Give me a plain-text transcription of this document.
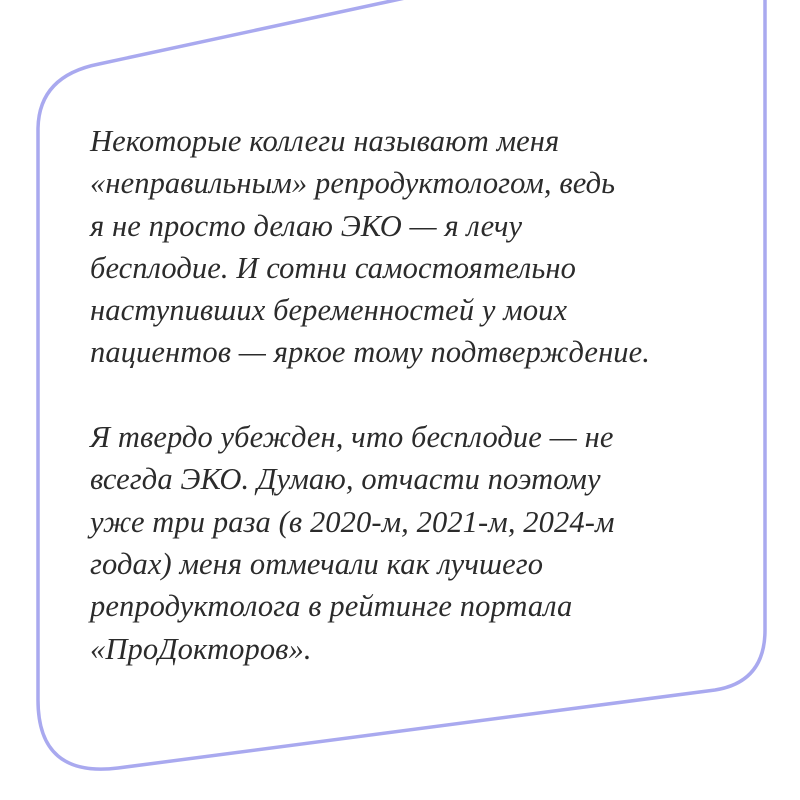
Некоторые коллеги называют меня
«неправильным» репродуктологом, ведь
я не просто делаю ЭКО — я лечу
бесплодие. И сотни самостоятельно
наступивших беременностей у моих
пациентов — яркое тому подтверждение.

Я твердо убежден, что бесплодие — не
всегда ЭКО. Думаю, отчасти поэтому
уже три раза (в 2020-м, 2021-м, 2024-м
годах) меня отмечали как лучшего
репродуктолога в рейтинге портала
«ПроДокторов».
